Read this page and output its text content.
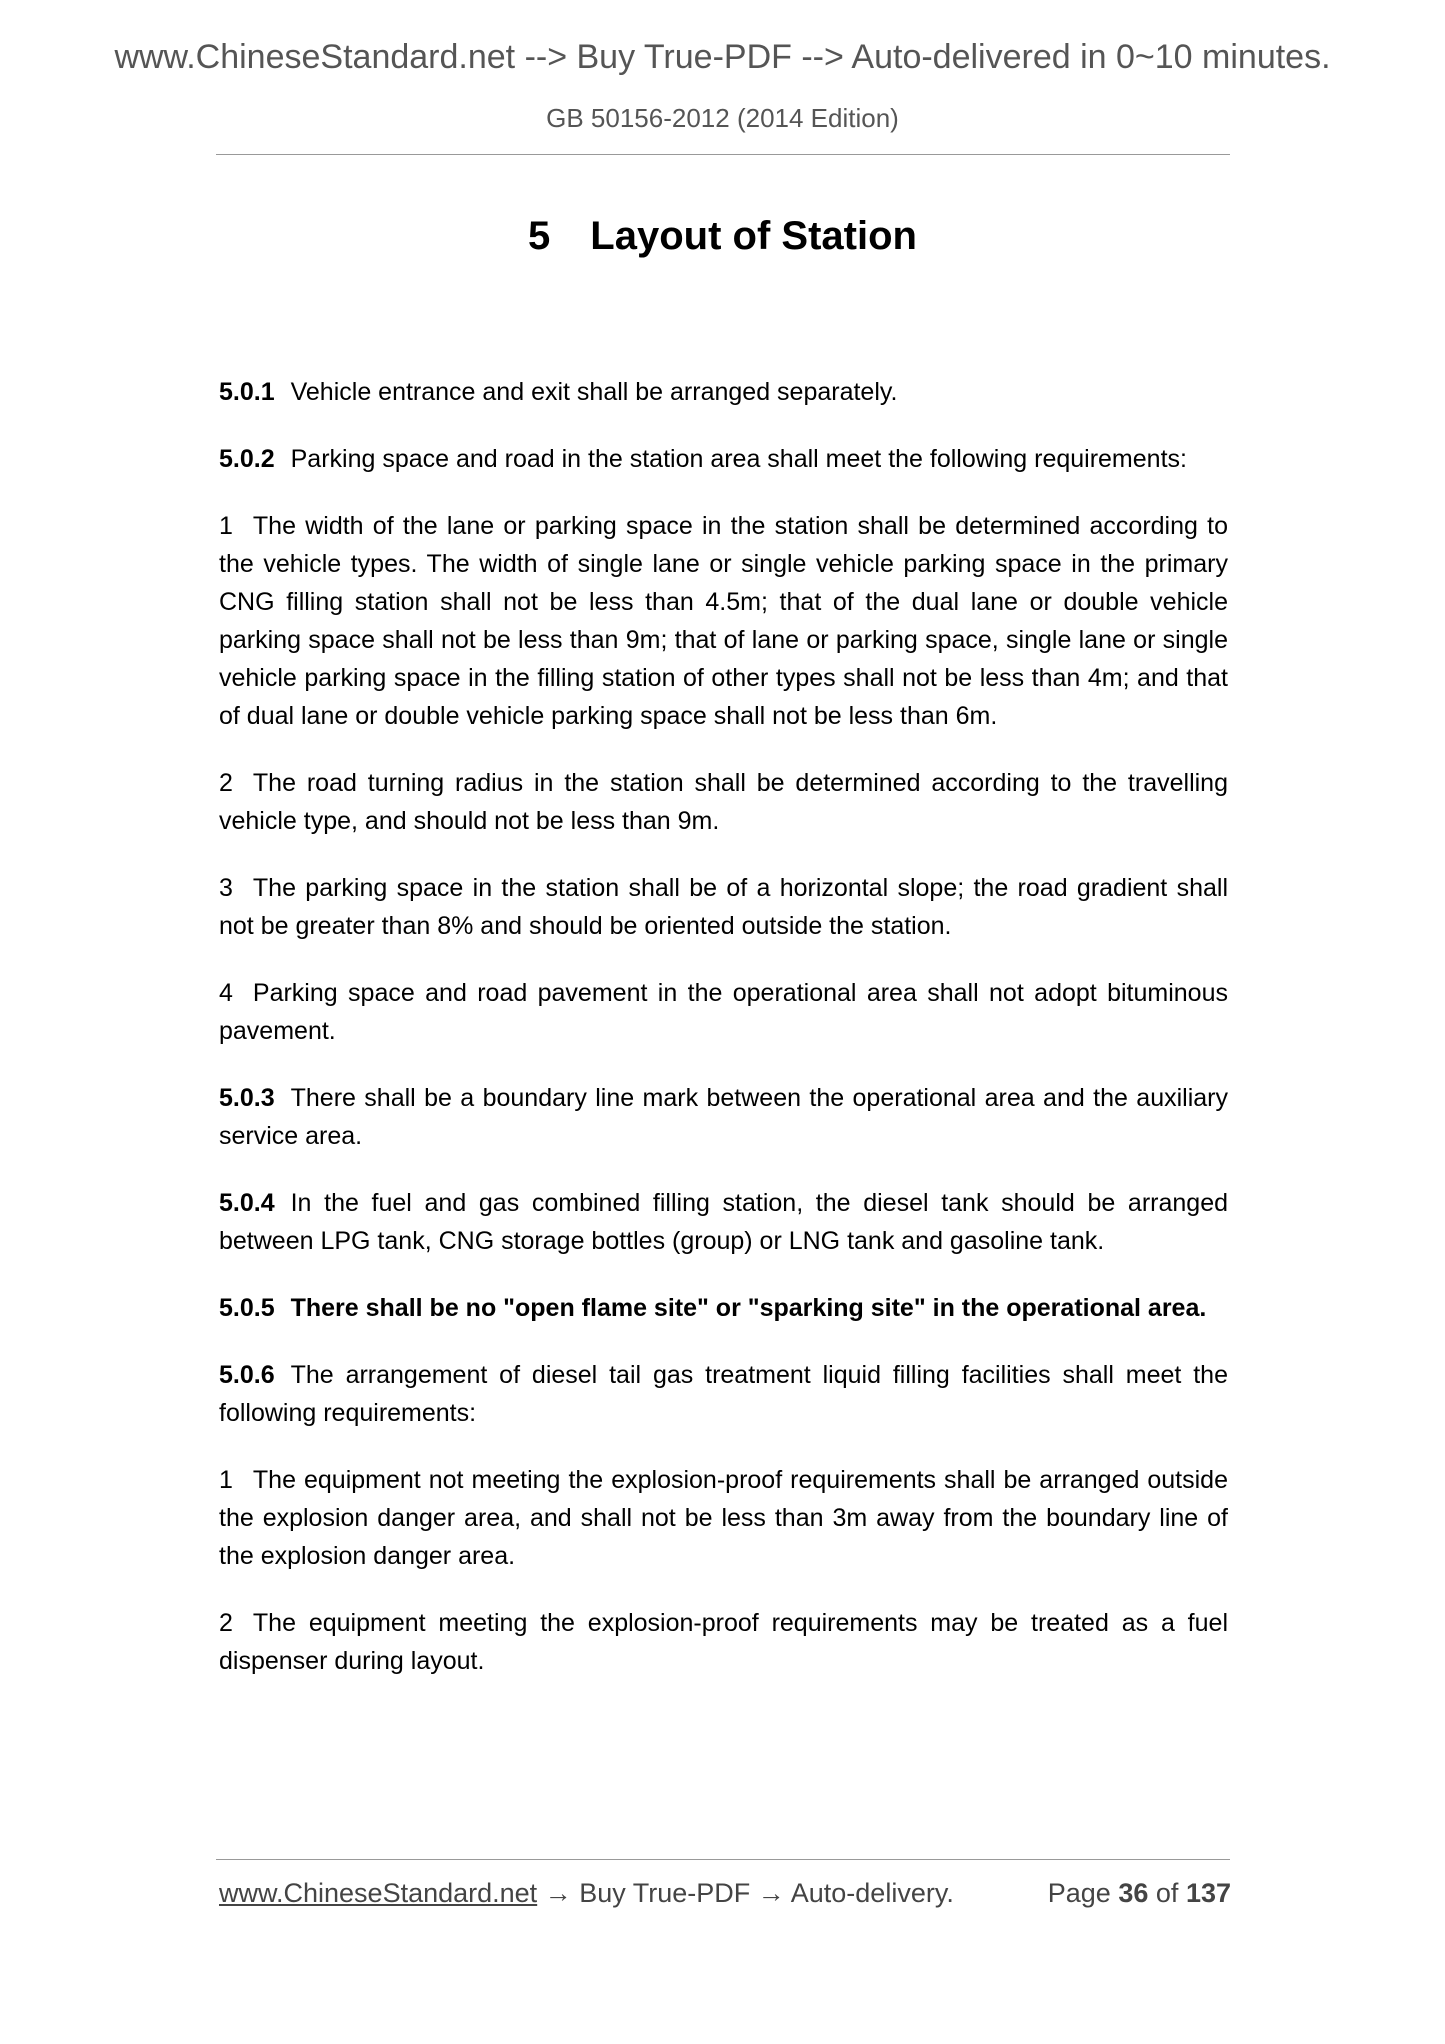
www.ChineseStandard.net --> Buy True-PDF --> Auto-delivered in 0~10 minutes.
GB 50156-2012 (2014 Edition)
5 Layout of Station

5.0.1 Vehicle entrance and exit shall be arranged separately.

5.0.2 Parking space and road in the station area shall meet the following requirements:

1 The width of the lane or parking space in the station shall be determined according to the vehicle types. The width of single lane or single vehicle parking space in the primary CNG filling station shall not be less than 4.5m; that of the dual lane or double vehicle parking space shall not be less than 9m; that of lane or parking space, single lane or single vehicle parking space in the filling station of other types shall not be less than 4m; and that of dual lane or double vehicle parking space shall not be less than 6m.

2 The road turning radius in the station shall be determined according to the travelling vehicle type, and should not be less than 9m.

3 The parking space in the station shall be of a horizontal slope; the road gradient shall not be greater than 8% and should be oriented outside the station.

4 Parking space and road pavement in the operational area shall not adopt bituminous pavement.

5.0.3 There shall be a boundary line mark between the operational area and the auxiliary service area.

5.0.4 In the fuel and gas combined filling station, the diesel tank should be arranged between LPG tank, CNG storage bottles (group) or LNG tank and gasoline tank.

5.0.5 There shall be no "open flame site" or "sparking site" in the operational area.

5.0.6 The arrangement of diesel tail gas treatment liquid filling facilities shall meet the following requirements:

1 The equipment not meeting the explosion-proof requirements shall be arranged outside the explosion danger area, and shall not be less than 3m away from the boundary line of the explosion danger area.

2 The equipment meeting the explosion-proof requirements may be treated as a fuel dispenser during layout.

www.ChineseStandard.net → Buy True-PDF → Auto-delivery.	Page 36 of 137
